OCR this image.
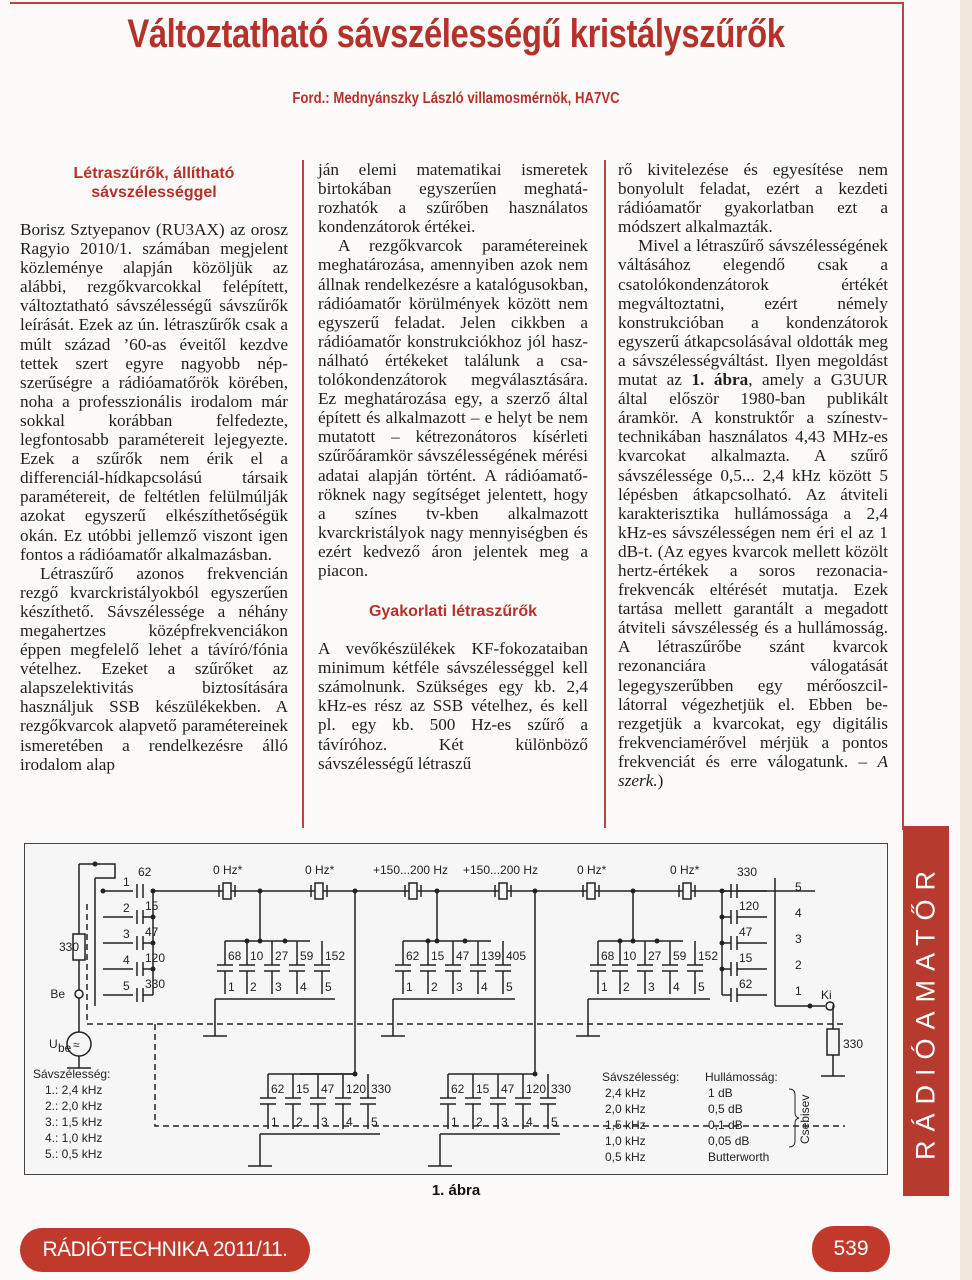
Változtatható sávszélességű kristályszűrők
Ford.: Mednyánszky László villamosmérnök, HA7VC
Létraszűrők, állítható sávszélességgel

Borisz Sztyepanov (RU3AX) az orosz Ragyio 2010/1. számában megjelent közleménye alapján közöljük az alábbi, rezgőkvarcokkal felépített, változtatható sávszélességű sávszűrők leírását. Ezek az ún. létraszűrők csak a múlt század ’60-as éveitől kezdve tettek szert egyre nagyobb népszerűségre a rádióamatőrök körében, noha a professzionális irodalom már sokkal korábban felfedezte, legfontosabb paramétereit lejegyezte. Ezek a szűrők nem érik el a differenciál-hídkapcsolású társaik paramétereit, de feltétlen felülmúlják azokat egyszerű elkészíthetőségük okán. Ez utóbbi jellemző viszont igen fontos a rádióamatőr alkalmazásban.

Létraszűrő azonos frekvencián rezgő kvarckristályokból egyszerűen készíthető. Sávszélessége a néhány megahertzes középfrekvenciákon éppen megfelelő lehet a távíró/fónia vételhez. Ezeket a szűrőket az alapszelektivitás biztosítására használjuk SSB készülékekben. A rezgőkvarcok alapvető paramétereinek ismeretében a rendelkezésre álló irodalom alap

ján elemi matematikai ismeretek birtokában egyszerűen meghatározhatók a szűrőben használatos kondenzátorok értékei.

A rezgőkvarcok paramétereinek meghatározása, amennyiben azok nem állnak rendelkezésre a katalógusokban, rádióamatőr körülmények között nem egyszerű feladat. Jelen cikkben a rádióamatőr konstrukciókhoz jól használható értékeket találunk a csatolókondenzátorok megválasztására. Ez meghatározása egy, a szerző által épített és alkalmazott – e helyt be nem mutatott – kétrezonátoros kísérleti szűrőáramkör sávszélességének mérési adatai alapján történt. A rádióamatőröknek nagy segítséget jelentett, hogy a színes tv-kben alkalmazott kvarckristályok nagy mennyiségben és ezért kedvező áron jelentek meg a piacon.

Gyakorlati létraszűrők

A vevőkészülékek KF-fokozataiban minimum kétféle sávszélességgel kell számolnunk. Szükséges egy kb. 2,4 kHz-es rész az SSB vételhez, és kell pl. egy kb. 500 Hz-es szűrő a távíróhoz. Két különböző sávszélességű létraszű

rő kivitelezése és egyesítése nem bonyolult feladat, ezért a kezdeti rádióamatőr gyakorlatban ezt a módszert alkalmazták.

Mivel a létraszűrő sávszélességének váltásához elegendő csak a csatolókondenzátorok értékét megváltoztatni, ezért némely konstrukcióban a kondenzátorok egyszerű átkapcsolásával oldották meg a sávszélességváltást. Ilyen megoldást mutat az 1. ábra, amely a G3UUR által először 1980-ban publikált áramkör. A konstruktőr a színestv-technikában használatos 4,43 MHz-es kvarcokat alkalmazta. A szűrő sávszélessége 0,5... 2,4 kHz között 5 lépésben átkapcsolható. Az átviteli karakterisztika hullámossága a 2,4 kHz-es sávszélességen nem éri el az 1 dB-t. (Az egyes kvarcok mellett közölt hertz-értékek a soros rezonaciafrekvencák eltérését mutatja. Ezek tartása mellett garantált a megadott átviteli sávszélesség és a hullámosság. A létraszűrőbe szánt kvarcok rezonanciára válogatását legegyszerűbben egy mérőoszcillátorral végezhetjük el. Ebben berezgetjük a kvarcokat, egy digitális frekvenciamérővel mérjük a pontos frekvenciát és erre válogatunk. – A szerk.)

0 Hz*	0 Hz*	+150...200 Hz +150...200 Hz	0 Hz*	0 Hz*
62
15
47
120
330
1
2
3
4
5
330
Be
U be ≈
68 10 27 59 152
1 2 3 4 5
62 15 47 139 405
1 2 3 4 5
68 10 27 59 152
1 2 3 4 5
62 15 47 120 330
1 2 3 4 5
62 15 47 120 330
1 2 3 4 5
330
120
47
15
62
5
4
3
2
1 Ki
330
Sávszélesség:
1.: 2,4 kHz
2.: 2,0 kHz
3.: 1,5 kHz
4.: 1,0 kHz
5.: 0,5 kHz
Sávszélesség: Hullámosság:
2,4 kHz	1 dB
2,0 kHz	0,5 dB
1,5 kHz	0,1 dB
1,0 kHz	0,05 dB
0,5 kHz	Butterworth
Csebisev
1. ábra
RÁDIÓAMATŐR
RÁDIÓTECHNIKA 2011/11.	539
